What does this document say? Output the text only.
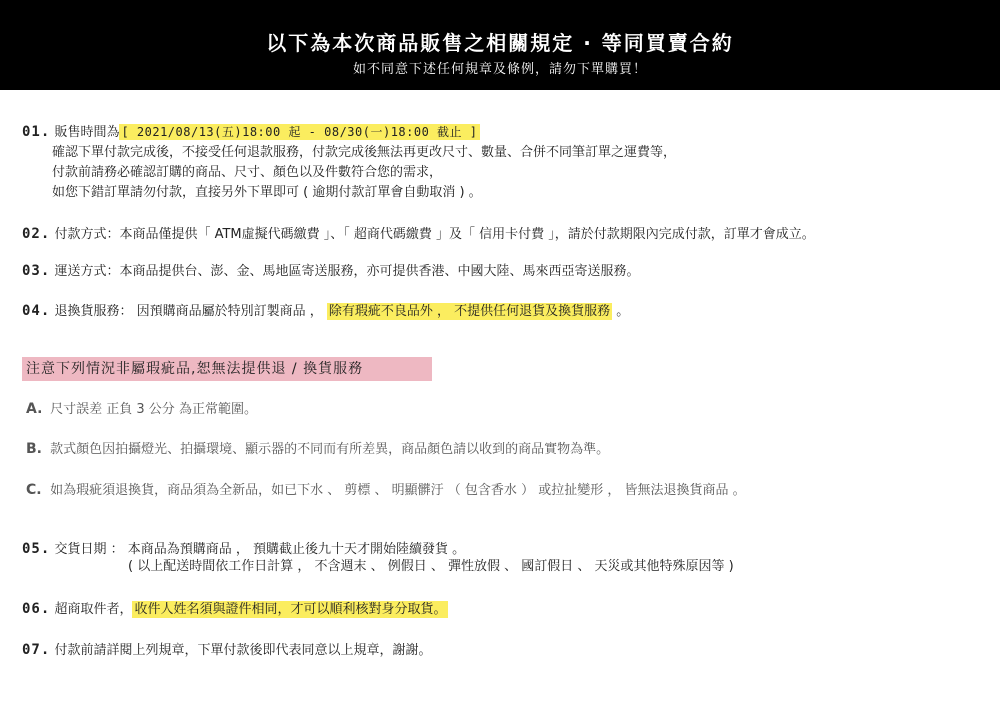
以下為本次商品販售之相關規定 · 等同買賣合約
如不同意下述任何規章及條例，請勿下單購買！
01. 販售時間為 [ 2021/08/13(五)18:00 起 - 08/30(一)18:00 截止 ]
確認下單付款完成後，不接受任何退款服務，付款完成後無法再更改尺寸、數量、合併不同筆訂單之運費等，
付款前請務必確認訂購的商品、尺寸、顏色以及件數符合您的需求，
如您下錯訂單請勿付款，直接另外下單即可 ( 逾期付款訂單會自動取消 ) 。
02. 付款方式：本商品僅提供「 ATM虛擬代碼繳費 」、「 超商代碼繳費 」及「 信用卡付費 」，請於付款期限內完成付款，訂單才會成立。
03. 運送方式：本商品提供台、澎、金、馬地區寄送服務，亦可提供香港、中國大陸、馬來西亞寄送服務。
04. 退換貨服務： 因預購商品屬於特別訂製商品 ， 除有瑕疵不良品外 ， 不提供任何退貨及換貨服務 。
注意下列情況非屬瑕疵品,恕無法提供退 / 換貨服務
A. 尺寸誤差 正負 3 公分 為正常範圍。
B. 款式顏色因拍攝燈光、拍攝環境、顯示器的不同而有所差異，商品顏色請以收到的商品實物為準。
C. 如為瑕疵須退換貨，商品須為全新品，如已下水 、 剪標 、 明顯髒汙 （ 包含香水 ） 或拉扯變形 ， 皆無法退換貨商品 。
05. 交貨日期 ： 本商品為預購商品 ， 預購截止後九十天才開始陸續發貨 。
( 以上配送時間依工作日計算 ， 不含週末 、 例假日 、 彈性放假 、 國訂假日 、 天災或其他特殊原因等 )
06. 超商取件者， 收件人姓名須與證件相同，才可以順利核對身分取貨。
07. 付款前請詳閱上列規章，下單付款後即代表同意以上規章，謝謝。
